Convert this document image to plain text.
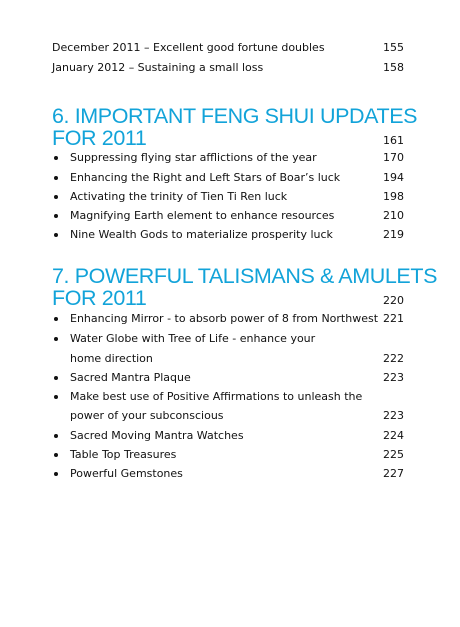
December 2011 – Excellent good fortune doubles	155
January 2012 – Sustaining a small loss	158
6. IMPORTANT FENG SHUI UPDATES
FOR 2011	161
Suppressing flying star afflictions of the year	170
Enhancing the Right and Left Stars of Boar’s luck	194
Activating the trinity of Tien Ti Ren luck	198
Magnifying Earth element to enhance resources	210
Nine Wealth Gods to materialize prosperity luck	219
7. POWERFUL TALISMANS & AMULETS
FOR 2011	220
Enhancing Mirror - to absorb power of 8 from Northwest 221
Water Globe with Tree of Life - enhance your
home direction	222
Sacred Mantra Plaque	223
Make best use of Positive Affirmations to unleash the
power of your subconscious	223
Sacred Moving Mantra Watches	224
Table Top Treasures	225
Powerful Gemstones	227
